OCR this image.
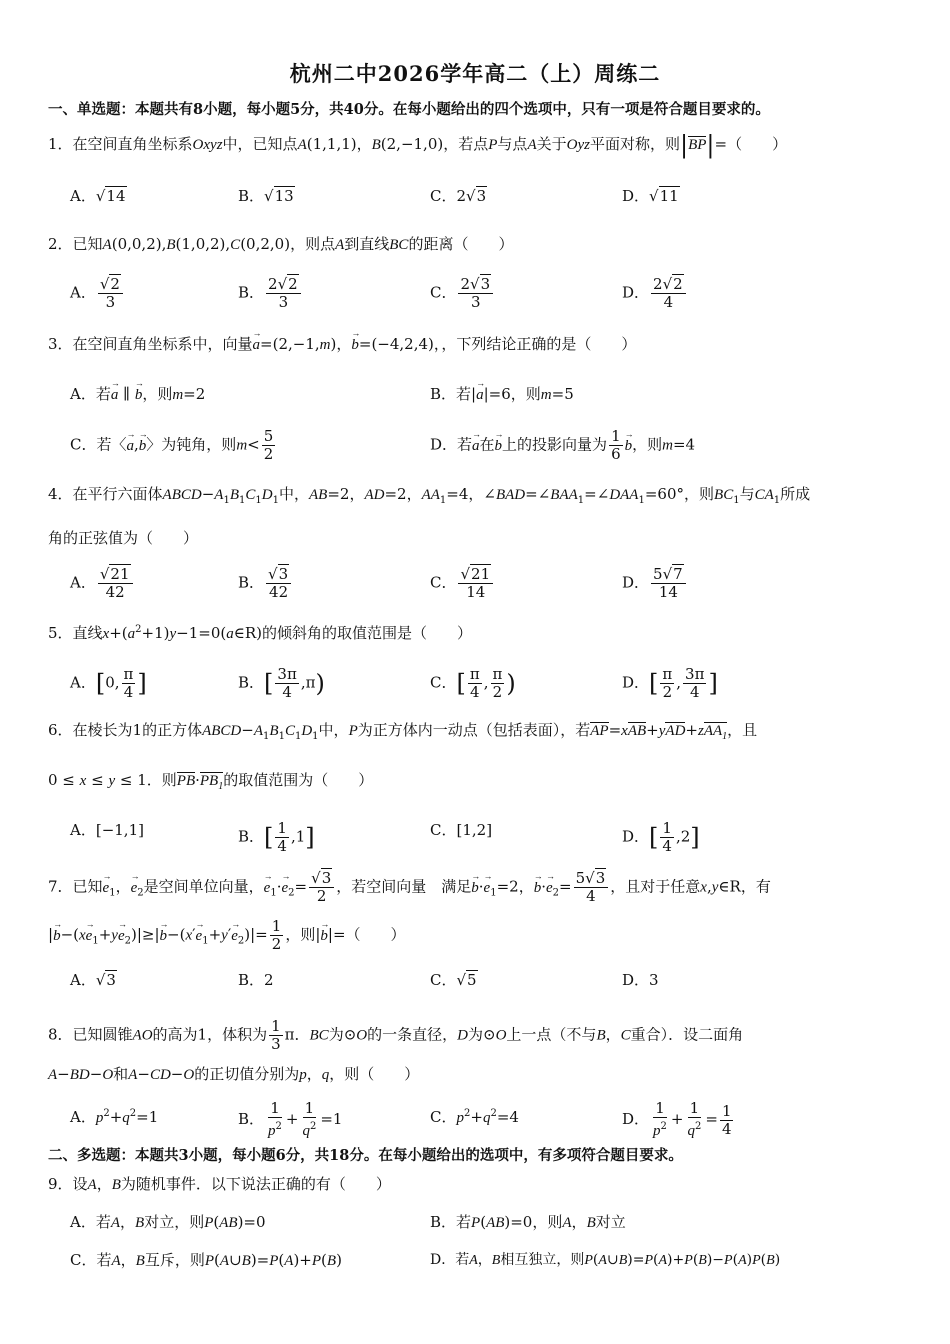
杭州二中2026学年高二（上）周练二
一、单选题：本题共有8小题，每小题5分，共40分。在每小题给出的四个选项中，只有一项是符合题目要求的。
1．在空间直角坐标系Oxyz中，已知点A(1,1,1)，B(2,−1,0)，若点P与点A关于Oyz平面对称，则|BP|=（　　）
A．√14	B．√13	C．2√3	D．√11
2．已知A(0,0,2),B(1,0,2),C(0,2,0)，则点A到直线BC的距离（　　）
A． $\frac{√2}{3}$	B． $\frac{2√2}{3}$	C． $\frac{2√3}{3}$	D． $\frac{2√2}{4}$
3．在空间直角坐标系中，向量→ a=(2,−1,m)，→ b=(−4,2,4)，，下列结论正确的是（　　）
A．若→ a ∥ → b，则m=2	B．若|→ a|=6，则m=5
C．若〈→ a,→ b〉为钝角，则$m< \frac{5}{2}$	D．若→ a在→ b上的投影向量为 $\frac{1}{6}$
→ b，则m=4
4．在平行六面体$ABCD-A_1B_1C_1D_1$中，AB=2，AD=2，$AA_1=4$，$\angle BAD=\angle BAA_1=\angle DAA_1=60^\circ$，则$BC_1$与$CA_1$所成
角的正弦值为（　　）
A． $\frac{√21}{42}$	B． $\frac{√3}{42}$	C． $\frac{√21}{14}$	D． $\frac{5√7}{14}$
5．直线$x+(a^2+1)y-1=0(a\in R)$的倾斜角的取值范围是（　　）
A．[0, $\frac{\pi}{4}$ ]	B．[ $\frac{3\pi}{4} ,\pi$)	C．[ $\frac{\pi}{4}$ , $\frac{\pi}{2}$ )	D．[ $\frac{\pi}{2}$ , $\frac{3\pi}{4}$ ]
6．在棱长为1的正方体$ABCD-A_1B_1C_1D_1$中，P为正方体内一动点（包括表面），若AP=xAB+yAD+zAA$_1$，且
0 ≤ x ≤ y ≤ 1．则$PB\cdot PB_1$的取值范围为（　　）
A．[−1,1]	B．[ $\frac{1}{4} ,1$]	C．[1,2]	D．[ $\frac{1}{4} ,2$]
7．已知→ $e_1$，→ $e_2$是空间单位向量，→ $e_1\cdot\to e_2= \frac{√3}{2}$ ，若空间向量　满足→ $b\cdot\to e_1=2$，→ $b\cdot\to e_2= \frac{5√3}{4}$ ，且对于任意x,y∈R，有
|→ $b-(x\to e_1+y\to e_2)|\ge|\to b-(x'\to e_1+y'\to e_2)|= \frac{1}{2}$ ，则|→ b|=（　　）
A．√3	B．2	C．√5	D．3
8．已知圆锥AO的高为1，体积为 $\frac{1}{3}$ π．BC为⊙O的一条直径，D为⊙O上一点（不与B，C重合）．设二面角
A−BD−O和A−CD−O的正切值分别为p，q，则（　　）
A．$p^2+q^2=1$	B． $\frac{1}{p^2} + \frac{1}{q^2} =1$	C．$p^2+q^2=4$	D． $\frac{1}{p^2} + \frac{1}{q^2} = \frac{1}{4}$
二、多选题：本题共3小题，每小题6分，共18分。在每小题给出的选项中，有多项符合题目要求。
9．设A，B为随机事件．以下说法正确的有（　　）
A．若A，B对立，则P(AB)=0	B．若P(AB)=0，则A，B对立
C．若A，B互斥，则P(A∪B)=P(A)+P(B)	D．若A，B相互独立，则P(A∪B)=P(A)+P(B)−P(A)P(B)
